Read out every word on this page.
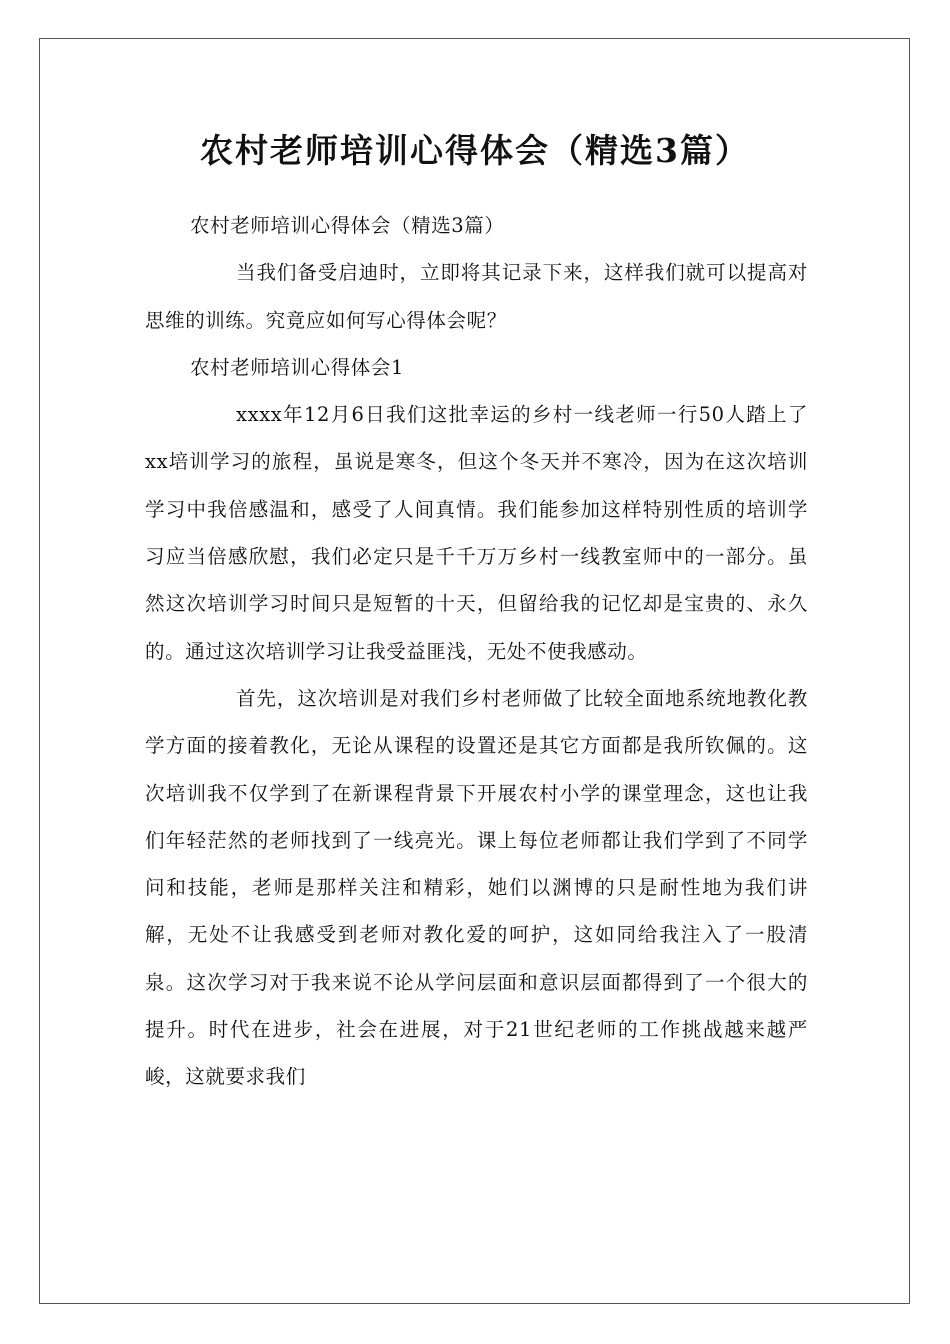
农村老师培训心得体会（精选3篇）

农村老师培训心得体会（精选3篇）

当我们备受启迪时，立即将其记录下来，这样我们就可以提高对思维的训练。究竟应如何写心得体会呢？

农村老师培训心得体会1

xxxx年12月6日我们这批幸运的乡村一线老师一行50人踏上了xx培训学习的旅程，虽说是寒冬，但这个冬天并不寒冷，因为在这次培训学习中我倍感温和，感受了人间真情。我们能参加这样特别性质的培训学习应当倍感欣慰，我们必定只是千千万万乡村一线教室师中的一部分。虽然这次培训学习时间只是短暂的十天，但留给我的记忆却是宝贵的、永久的。通过这次培训学习让我受益匪浅，无处不使我感动。

首先，这次培训是对我们乡村老师做了比较全面地系统地教化教学方面的接着教化，无论从课程的设置还是其它方面都是我所钦佩的。这次培训我不仅学到了在新课程背景下开展农村小学的课堂理念，这也让我们年轻茫然的老师找到了一线亮光。课上每位老师都让我们学到了不同学问和技能，老师是那样关注和精彩，她们以渊博的只是耐性地为我们讲解，无处不让我感受到老师对教化爱的呵护，这如同给我注入了一股清泉。这次学习对于我来说不论从学问层面和意识层面都得到了一个很大的提升。时代在进步，社会在进展，对于21世纪老师的工作挑战越来越严峻，这就要求我们
